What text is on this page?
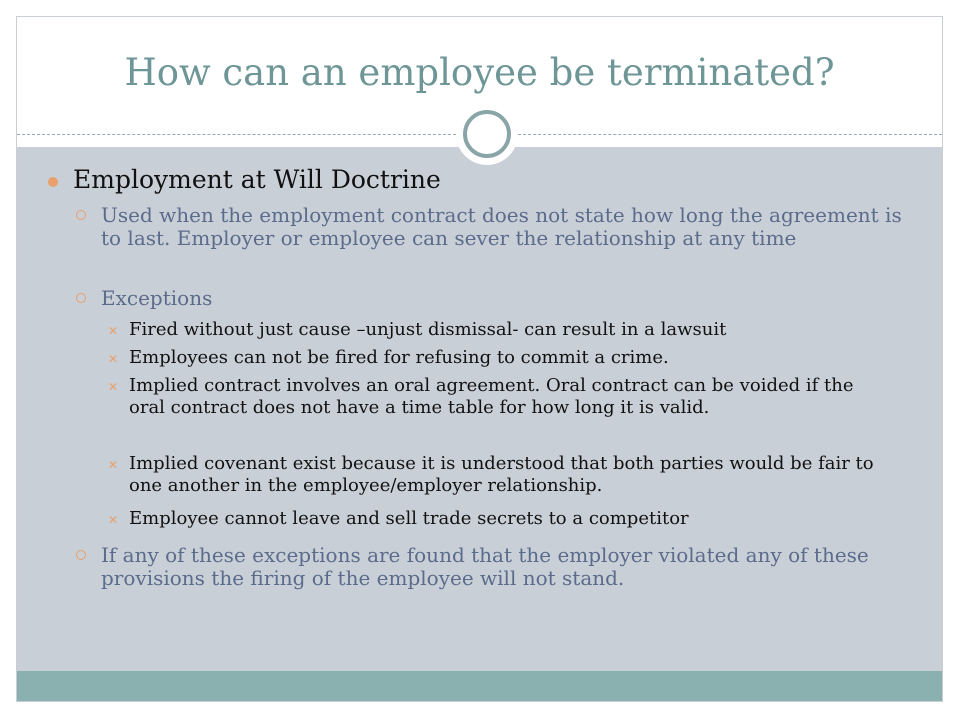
How can an employee be terminated?
Employment at Will Doctrine
Used when the employment contract does not state how long the agreement is to last. Employer or employee can sever the relationship at any time
Exceptions
✕ Fired without just cause –unjust dismissal- can result in a lawsuit
✕ Employees can not be fired for refusing to commit a crime.
✕ Implied contract involves an oral agreement. Oral contract can be voided if the oral contract does not have a time table for how long it is valid.
✕ Implied covenant exist because it is understood that both parties would be fair to one another in the employee/employer relationship.
✕ Employee cannot leave and sell trade secrets to a competitor
If any of these exceptions are found that the employer violated any of these provisions the firing of the employee will not stand.
